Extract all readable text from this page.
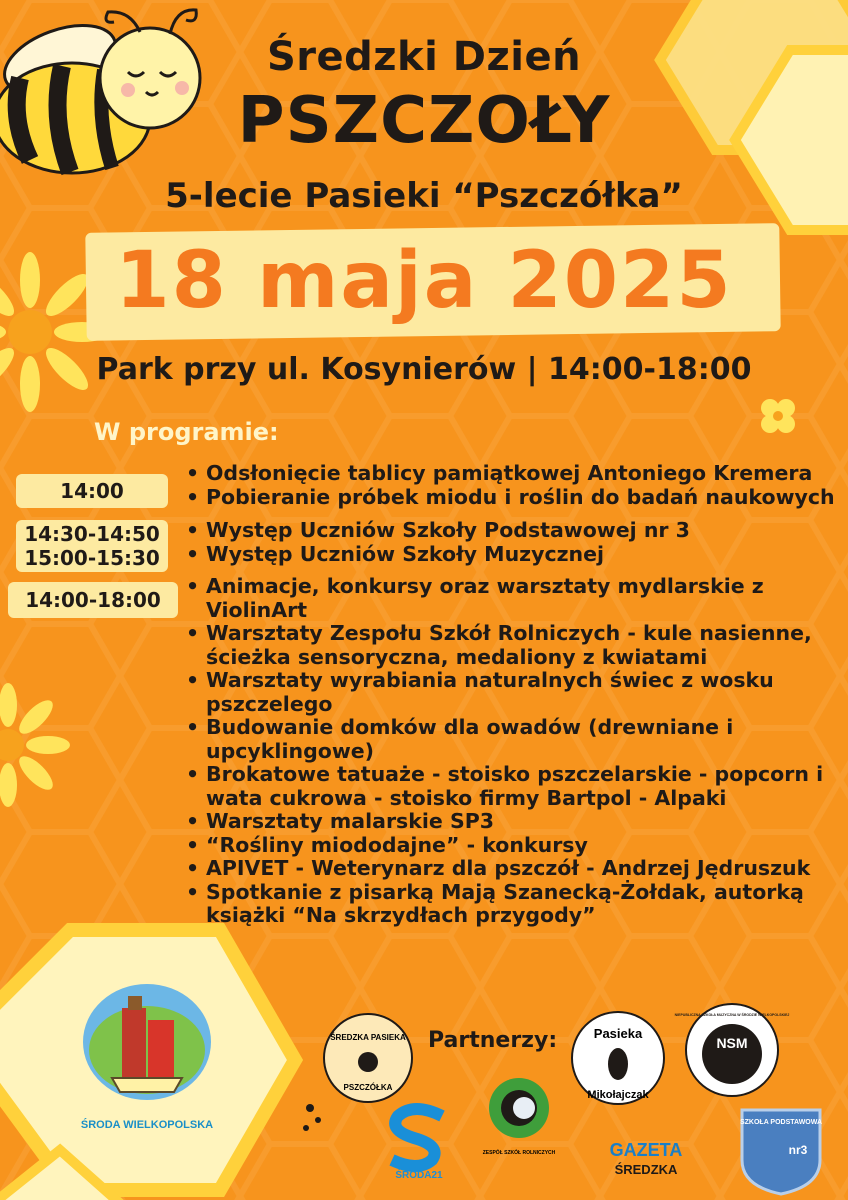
Średzki Dzień
PSZCZOŁY
5-lecie Pasieki “Pszczółka”
18 maja 2025
Park przy ul. Kosynierów | 14:00-18:00
W programie:
14:00
• Odsłonięcie tablicy pamiątkowej Antoniego Kremera
• Pobieranie próbek miodu i roślin do badań naukowych
14:30-14:50
15:00-15:30
• Występ Uczniów Szkoły Podstawowej nr 3
• Występ Uczniów Szkoły Muzycznej
14:00-18:00
• Animacje, konkursy oraz warsztaty mydlarskie z ViolinArt
• Warsztaty Zespołu Szkół Rolniczych - kule nasienne, ścieżka sensoryczna, medaliony z kwiatami
• Warsztaty wyrabiania naturalnych świec z wosku pszczelego
• Budowanie domków dla owadów (drewniane i upcyklingowe)
• Brokatowe tatuaże - stoisko pszczelarskie - popcorn i wata cukrowa - stoisko firmy Bartpol - Alpaki
• Warsztaty malarskie SP3
• “Rośliny miododajne” - konkursy
• APIVET - Weterynarz dla pszczół - Andrzej Jędruszuk
• Spotkanie z pisarką Mają Szanecką-Żołdak, autorką książki “Na skrzydłach przygody”
ŚRODA WIELKOPOLSKA
Partnerzy:
ŚREDZKA PASIEKA
PSZCZÓŁKA
Pasieka
Mikołajczak
NSM
NIEPUBLICZNA SZKOŁA MUZYCZNA W ŚRODZIE WIELKOPOLSKIEJ
ŚRODA21
ZESPÓŁ SZKÓŁ ROLNICZYCH	GAZETA
ŚREDZKA
SZKOŁA PODSTAWOWA
nr3
